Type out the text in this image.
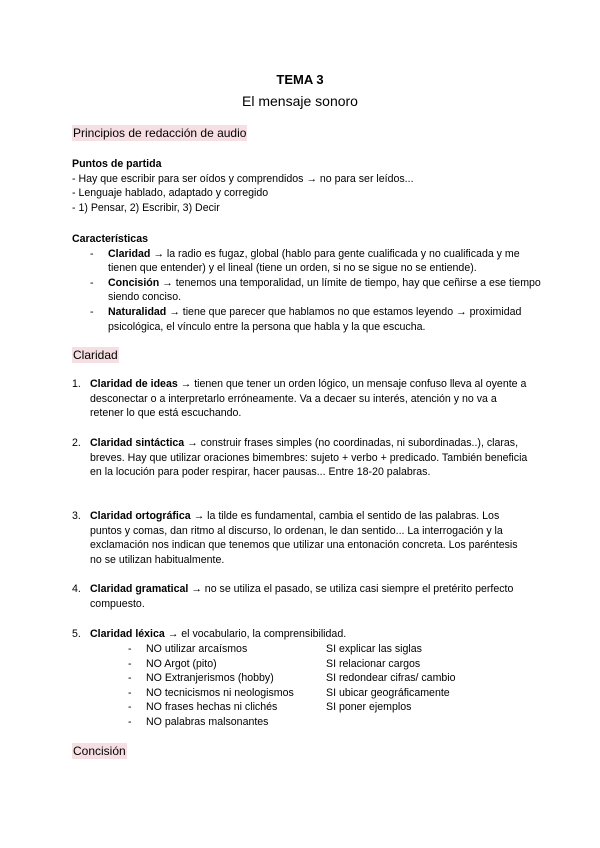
TEMA 3
El mensaje sonoro
Principios de redacción de audio
Puntos de partida
- Hay que escribir para ser oídos y comprendidos → no para ser leídos...
- Lenguaje hablado, adaptado y corregido
- 1) Pensar, 2) Escribir, 3) Decir
Características
- Claridad → la radio es fugaz, global (hablo para gente cualificada y no cualificada y me tienen que entender) y el lineal (tiene un orden, si no se sigue no se entiende).
- Concisión → tenemos una temporalidad, un límite de tiempo, hay que ceñirse a ese tiempo siendo conciso.
- Naturalidad → tiene que parecer que hablamos no que estamos leyendo → proximidad psicológica, el vínculo entre la persona que habla y la que escucha.
Claridad
1. Claridad de ideas → tienen que tener un orden lógico, un mensaje confuso lleva al oyente a desconectar o a interpretarlo erróneamente. Va a decaer su interés, atención y no va a retener lo que está escuchando.
2. Claridad sintáctica → construir frases simples (no coordinadas, ni subordinadas..), claras, breves. Hay que utilizar oraciones bimembres: sujeto + verbo + predicado. También beneficia en la locución para poder respirar, hacer pausas... Entre 18-20 palabras.
3. Claridad ortográfica → la tilde es fundamental, cambia el sentido de las palabras. Los puntos y comas, dan ritmo al discurso, lo ordenan, le dan sentido... La interrogación y la exclamación nos indican que tenemos que utilizar una entonación concreta. Los paréntesis no se utilizan habitualmente.
4. Claridad gramatical → no se utiliza el pasado, se utiliza casi siempre el pretérito perfecto compuesto.
5. Claridad léxica → el vocabulario, la comprensibilidad.
- NO utilizar arcaísmos	SI explicar las siglas
- NO Argot (pito)	SI relacionar cargos
- NO Extranjerismos (hobby)	SI redondear cifras/ cambio
- NO tecnicismos ni neologismos	SI ubicar geográficamente
- NO frases hechas ni clichés	SI poner ejemplos
- NO palabras malsonantes
Concisión
